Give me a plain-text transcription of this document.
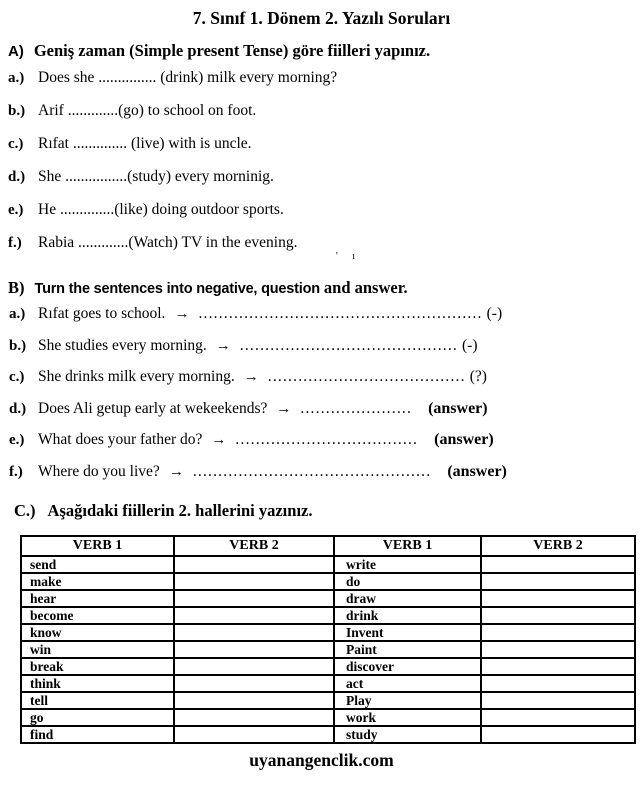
7. Sınıf 1. Dönem 2. Yazılı Soruları
A) Geniş zaman (Simple present Tense) göre fiilleri yapınız.
a.) Does she ............... (drink) milk every morning?
b.) Arif .............(go) to school on foot.
c.) Rıfat .............. (live) with is uncle.
d.) She ................(study) every morninig.
e.) He ..............(like) doing outdoor sports.
f.)	Rabia .............(Watch) TV in the evening.
B) Turn the sentences into negative, question and answer.
' ı
a.) Rıfat goes to school. → ........................................................ (-)
b.) She studies every morning. → ........................................... (-)
c.) She drinks milk every morning. → ....................................... (?)
d.) Does Ali getup early at wekeekends? → ...................... (answer)
e.) What does your father do? → .................................... (answer)
f.) Where do you live? → ............................................... (answer)
C.) Aşağıdaki fiillerin 2. hallerini yazınız.
VERB 1	VERB 2	VERB 1	VERB 2
send		write	
make		do	
hear		draw	
become		drink	
know		Invent	
win		Paint	
break		discover	
think		act	
tell		Play	
go		work	
find		study	
uyanangenclik.com
